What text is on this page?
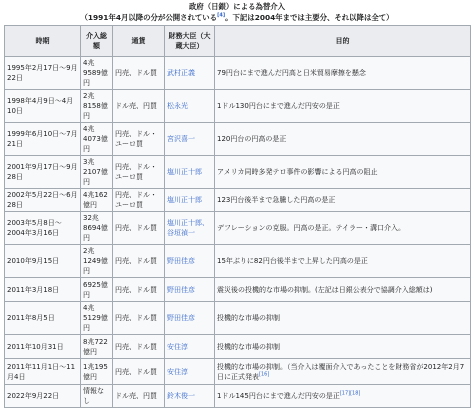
政府（日銀）による為替介入
（1991年4月以降の分が公開されている[4]。下記は2004年までは主要分、それ以降は全て）
時期	介入総額	通貨	財務大臣（大蔵大臣）	目的
1995年2月17日〜9月22日	4兆9589億円	円売、ドル買	武村正義	79円台にまで進んだ円高と日米貿易摩擦を懸念
1998年4月9日〜4月10日	2兆8158億円	ドル売、円買	松永光	1ドル130円台にまで進んだ円安の是正
1999年6月10日〜7月21日	4兆4073億円	円売、ドル・ユーロ買	宮沢喜一	120円台の円高の是正
2001年9月17日〜9月28日	3兆2107億円	円売、ドル・ユーロ買	塩川正十郎	アメリカ同時多発テロ事件の影響による円高の阻止
2002年5月22日〜6月28日	4兆162億円	円売、ドル・ユーロ買	塩川正十郎	123円台後半まで急騰した円高の是正
2003年5月8日〜2004年3月16日	32兆8694億円	円売、ドル買	塩川正十郎、谷垣禎一	デフレーションの克服。円高の是正。テイラー・溝口介入。
2010年9月15日	2兆1249億円	円売、ドル買	野田佳彦	15年ぶりに82円台後半まで上昇した円高の是正
2011年3月18日	6925億円	円売、ドル買	野田佳彦	震災後の投機的な市場の抑制。(左記は日銀公表分で協調介入総額は)
2011年8月5日	4兆5129億円	円売、ドル買	野田佳彦	投機的な市場の抑制
2011年10月31日	8兆722億円	円売、ドル買	安住淳	投機的な市場の抑制
2011年11月1日〜11月4日	1兆195億円	円売、ドル買	安住淳	投機的な市場の抑制。（当介入は覆面介入であったことを財務省が2012年2月7日に正式発表[16]
2022年9月22日	情報なし	ドル売、円買	鈴木俊一	1ドル145円台にまで進んだ円安の是正[17][18]
